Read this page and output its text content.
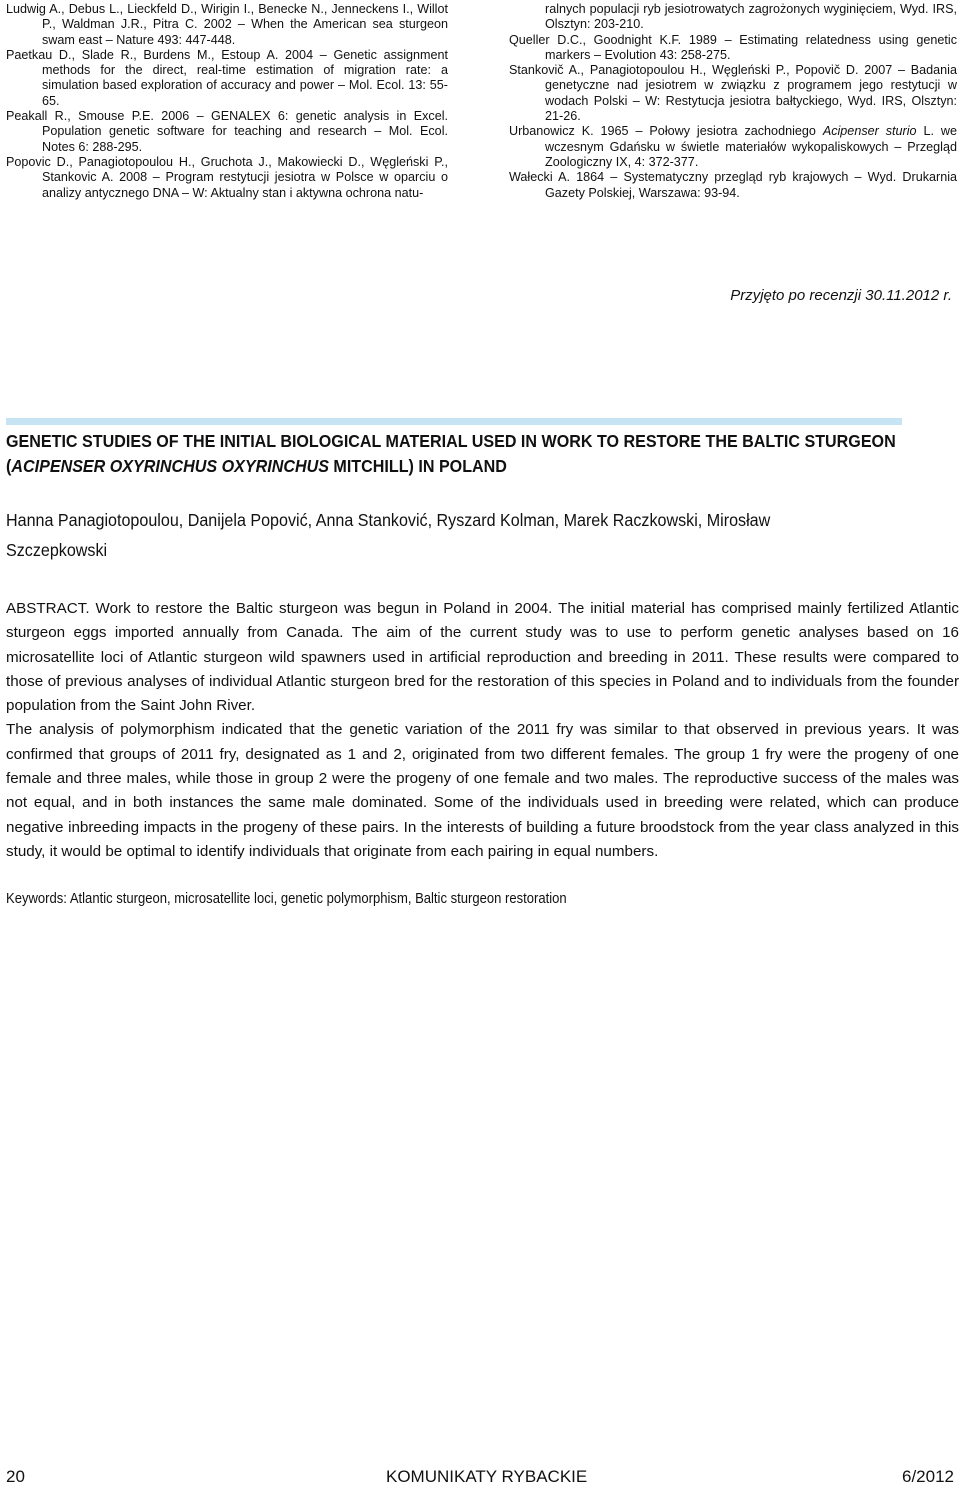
Ludwig A., Debus L., Lieckfeld D., Wirigin I., Benecke N., Jenneckens I., Willot P., Waldman J.R., Pitra C. 2002 – When the American sea sturgeon swam east – Nature 493: 447-448.

Paetkau D., Slade R., Burdens M., Estoup A. 2004 – Genetic assignment methods for the direct, real-time estimation of migration rate: a simulation based exploration of accuracy and power – Mol. Ecol. 13: 55-65.

Peakall R., Smouse P.E. 2006 – GENALEX 6: genetic analysis in Excel. Population genetic software for teaching and research – Mol. Ecol. Notes 6: 288-295.

Popovic D., Panagiotopoulou H., Gruchota J., Makowiecki D., Węgleński P., Stankovic A. 2008 – Program restytucji jesiotra w Polsce w oparciu o analizy antycznego DNA – W: Aktualny stan i aktywna ochrona natu-

ralnych populacji ryb jesiotrowatych zagrożonych wyginięciem, Wyd. IRS, Olsztyn: 203-210.

Queller D.C., Goodnight K.F. 1989 – Estimating relatedness using genetic markers – Evolution 43: 258-275.

Stankovič A., Panagiotopoulou H., Węgleński P., Popovič D. 2007 – Badania genetyczne nad jesiotrem w związku z programem jego restytucji w wodach Polski – W: Restytucja jesiotra bałtyckiego, Wyd. IRS, Olsztyn: 21-26.

Urbanowicz K. 1965 – Połowy jesiotra zachodniego Acipenser sturio L. we wczesnym Gdańsku w świetle materiałów wykopaliskowych – Przegląd Zoologiczny IX, 4: 372-377.

Wałecki A. 1864 – Systematyczny przegląd ryb krajowych – Wyd. Drukarnia Gazety Polskiej, Warszawa: 93-94.

Przyjęto po recenzji 30.11.2012 r.
GENETIC STUDIES OF THE INITIAL BIOLOGICAL MATERIAL USED IN WORK TO RESTORE THE BALTIC STURGEON
(ACIPENSER OXYRINCHUS OXYRINCHUS MITCHILL) IN POLAND

Hanna Panagiotopoulou, Danijela Popović, Anna Stanković, Ryszard Kolman, Marek Raczkowski, Mirosław Szczepkowski

ABSTRACT. Work to restore the Baltic sturgeon was begun in Poland in 2004. The initial material has comprised mainly fertilized Atlantic sturgeon eggs imported annually from Canada. The aim of the current study was to use to perform genetic analyses based on 16 microsatellite loci of Atlantic sturgeon wild spawners used in artificial reproduction and breeding in 2011. These results were compared to those of previous analyses of individual Atlantic sturgeon bred for the restoration of this species in Poland and to individuals from the founder population from the Saint John River.

The analysis of polymorphism indicated that the genetic variation of the 2011 fry was similar to that observed in previous years. It was confirmed that groups of 2011 fry, designated as 1 and 2, originated from two different females. The group 1 fry were the progeny of one female and three males, while those in group 2 were the progeny of one female and two males. The reproductive success of the males was not equal, and in both instances the same male dominated. Some of the individuals used in breeding were related, which can produce negative inbreeding impacts in the progeny of these pairs. In the interests of building a future broodstock from the year class analyzed in this study, it would be optimal to identify individuals that originate from each pairing in equal numbers.

Keywords: Atlantic sturgeon, microsatellite loci, genetic polymorphism, Baltic sturgeon restoration
20	KOMUNIKATY RYBACKIE	6/2012
